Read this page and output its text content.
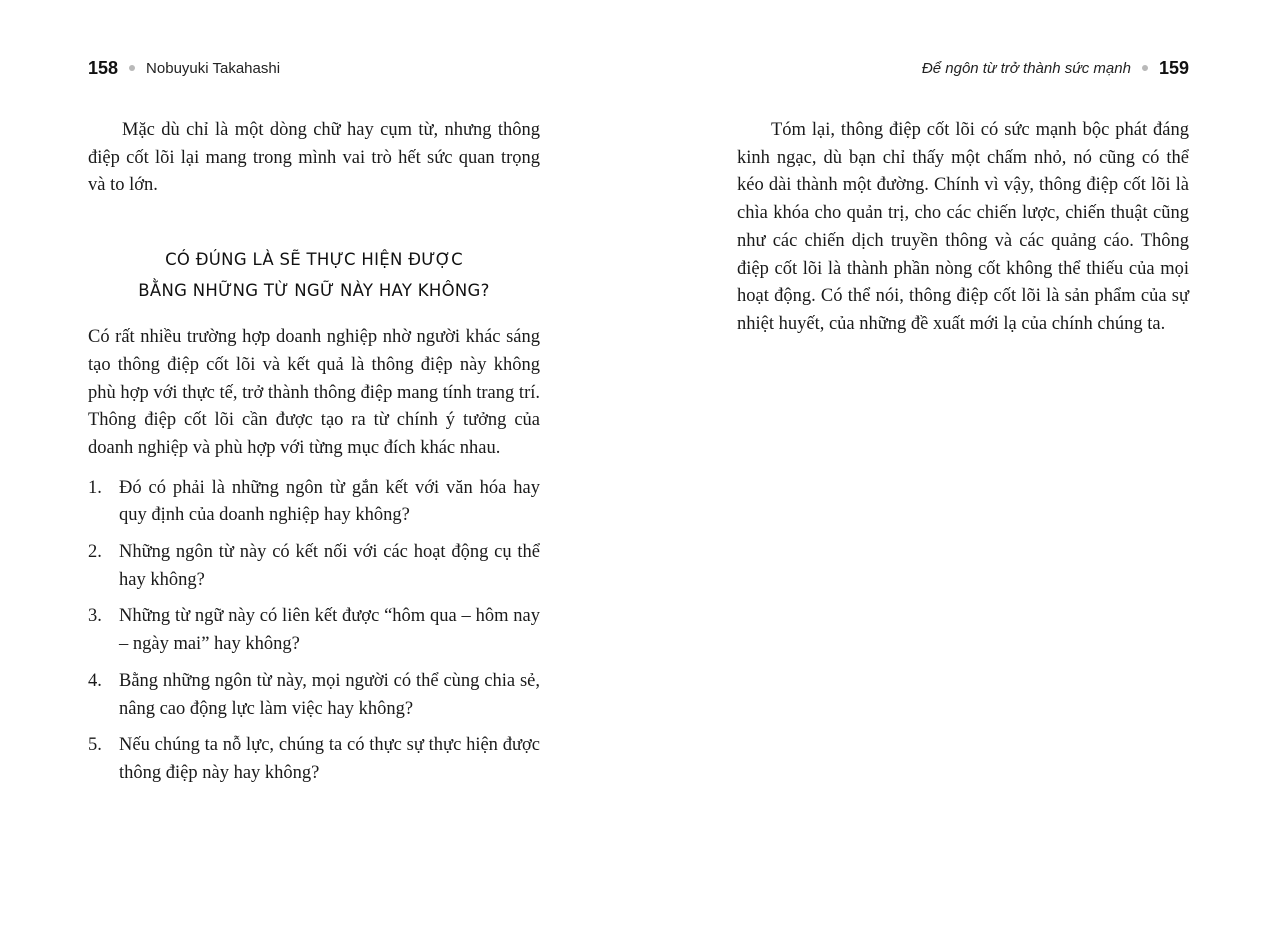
158 Nobuyuki Takahashi

Mặc dù chỉ là một dòng chữ hay cụm từ, nhưng thông điệp cốt lõi lại mang trong mình vai trò hết sức quan trọng và to lớn.

CÓ ĐÚNG LÀ SẼ THỰC HIỆN ĐƯỢC
BẰNG NHỮNG TỪ NGỮ NÀY HAY KHÔNG?

Có rất nhiều trường hợp doanh nghiệp nhờ người khác sáng tạo thông điệp cốt lõi và kết quả là thông điệp này không phù hợp với thực tế, trở thành thông điệp mang tính trang trí. Thông điệp cốt lõi cần được tạo ra từ chính ý tưởng của doanh nghiệp và phù hợp với từng mục đích khác nhau.

1. Đó có phải là những ngôn từ gắn kết với văn hóa hay quy định của doanh nghiệp hay không?
2. Những ngôn từ này có kết nối với các hoạt động cụ thể hay không?
3. Những từ ngữ này có liên kết được “hôm qua – hôm nay – ngày mai” hay không?
4. Bằng những ngôn từ này, mọi người có thể cùng chia sẻ, nâng cao động lực làm việc hay không?
5. Nếu chúng ta nỗ lực, chúng ta có thực sự thực hiện được thông điệp này hay không?
Để ngôn từ trở thành sức mạnh 159

Tóm lại, thông điệp cốt lõi có sức mạnh bộc phát đáng kinh ngạc, dù bạn chỉ thấy một chấm nhỏ, nó cũng có thể kéo dài thành một đường. Chính vì vậy, thông điệp cốt lõi là chìa khóa cho quản trị, cho các chiến lược, chiến thuật cũng như các chiến dịch truyền thông và các quảng cáo. Thông điệp cốt lõi là thành phần nòng cốt không thể thiếu của mọi hoạt động. Có thể nói, thông điệp cốt lõi là sản phẩm của sự nhiệt huyết, của những đề xuất mới lạ của chính chúng ta.
